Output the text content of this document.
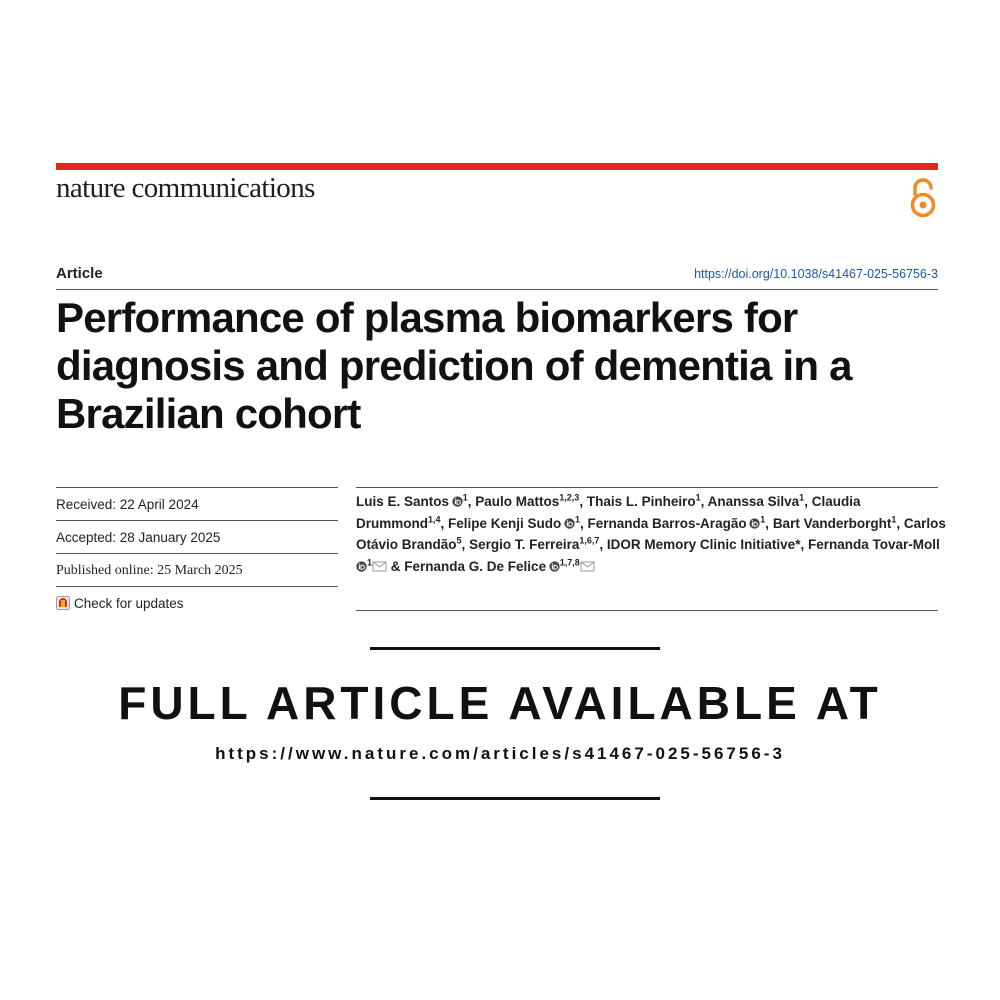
nature communications
Article	https://doi.org/10.1038/s41467-025-56756-3
Performance of plasma biomarkers for diagnosis and prediction of dementia in a Brazilian cohort
Received: 22 April 2024
Accepted: 28 January 2025
Published online: 25 March 2025
Check for updates
Luis E. Santos  $^1$, Paulo Mattos$^{1,2,3}$, Thais L. Pinheiro$^1$, Ananssa Silva$^1$, Claudia Drummond$^{1,4}$, Felipe Kenji Sudo  $^1$, Fernanda Barros-Aragão  $^1$, Bart Vanderborght$^1$, Carlos Otávio Brandão$^5$, Sergio T. Ferreira$^{1,6,7}$, IDOR Memory Clinic Initiative*, Fernanda Tovar-Moll $^1$ & Fernanda G. De Felice  $^{1,7,8}$
FULL ARTICLE AVAILABLE AT
https://www.nature.com/articles/s41467-025-56756-3
